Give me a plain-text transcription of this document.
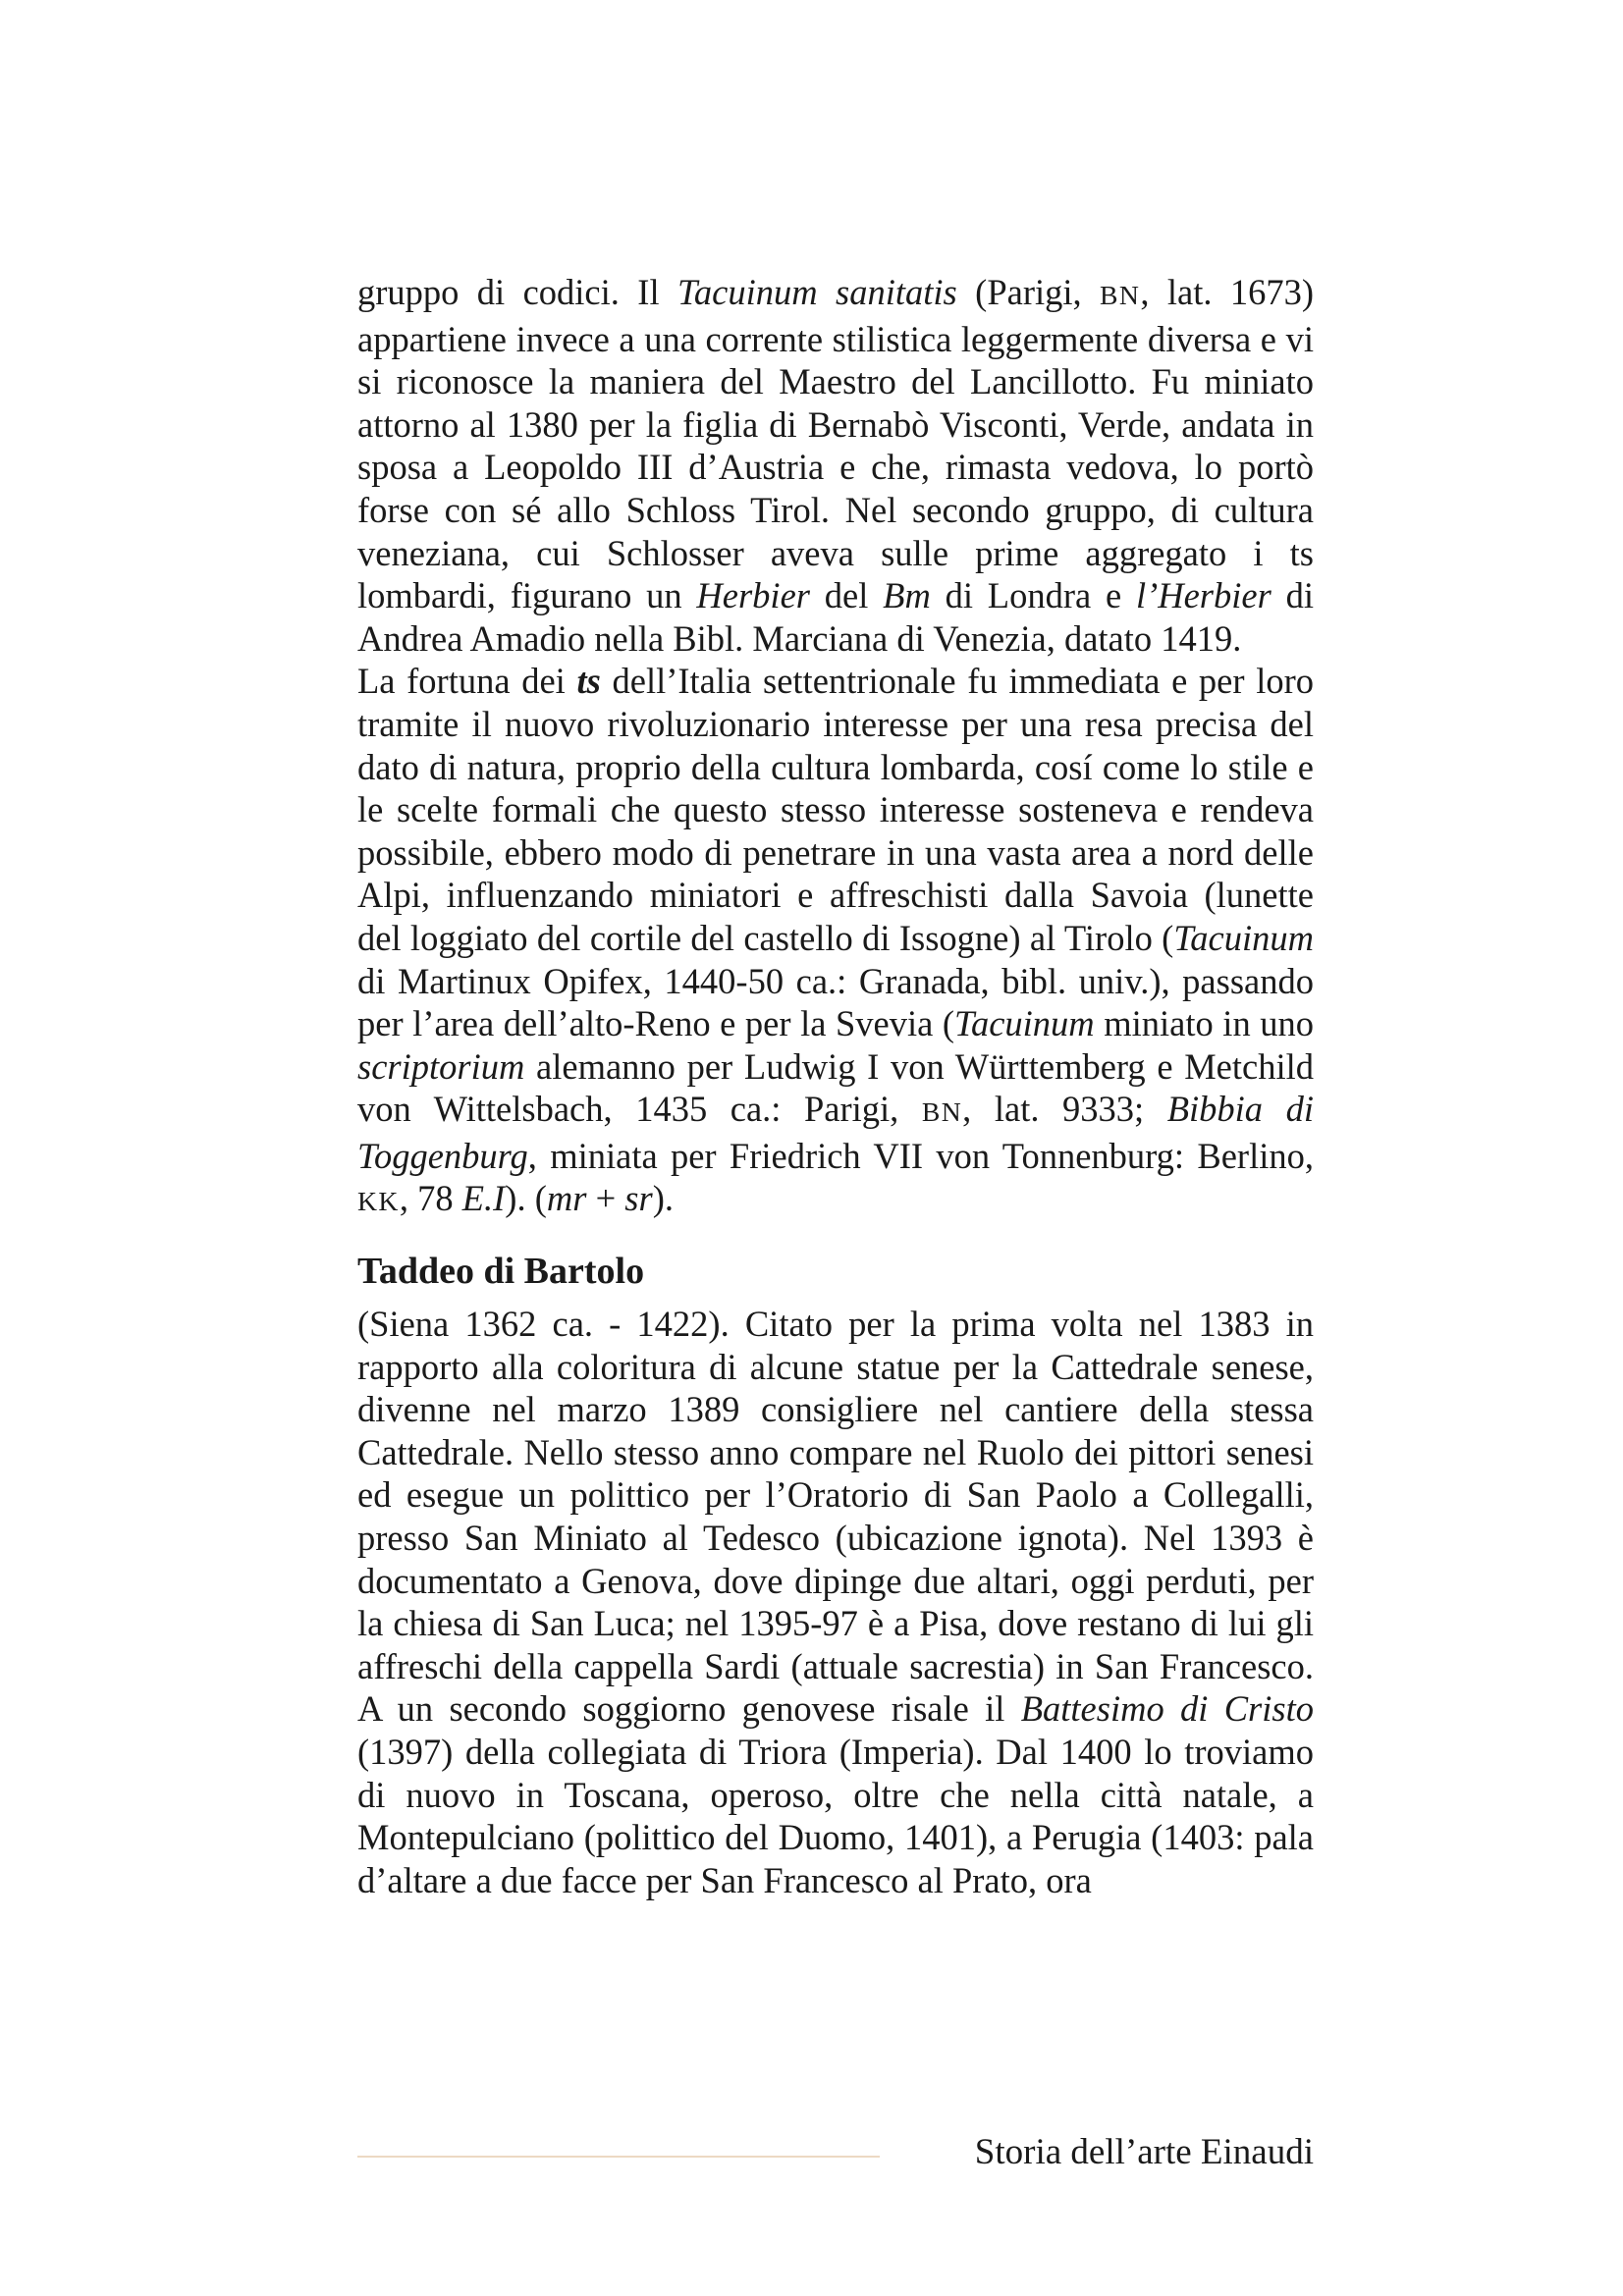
gruppo di codici. Il Tacuinum sanitatis (Parigi, BN, lat. 1673) appartiene invece a una corrente stilistica leggermente diversa e vi si riconosce la maniera del Maestro del Lancillotto. Fu miniato attorno al 1380 per la figlia di Bernabò Visconti, Verde, andata in sposa a Leopoldo III d’Austria e che, rimasta vedova, lo portò forse con sé allo Schloss Tirol. Nel secondo gruppo, di cultura veneziana, cui Schlosser aveva sulle prime aggregato i ts lombardi, figurano un Herbier del Bm di Londra e l’Herbier di Andrea Amadio nella Bibl. Marciana di Venezia, datato 1419.

La fortuna dei ts dell’Italia settentrionale fu immediata e per loro tramite il nuovo rivoluzionario interesse per una resa precisa del dato di natura, proprio della cultura lombarda, cosí come lo stile e le scelte formali che questo stesso interesse sosteneva e rendeva possibile, ebbero modo di penetrare in una vasta area a nord delle Alpi, influenzando miniatori e affreschisti dalla Savoia (lunette del loggiato del cortile del castello di Issogne) al Tirolo (Tacuinum di Martinux Opifex, 1440-50 ca.: Granada, bibl. univ.), passando per l’area dell’alto-Reno e per la Svevia (Tacuinum miniato in uno scriptorium alemanno per Ludwig I von Württemberg e Metchild von Wittelsbach, 1435 ca.: Parigi, BN, lat. 9333; Bibbia di Toggenburg, miniata per Friedrich VII von Tonnenburg: Berlino, KK, 78 E.I). (mr + sr).

Taddeo di Bartolo

(Siena 1362 ca. - 1422). Citato per la prima volta nel 1383 in rapporto alla coloritura di alcune statue per la Cattedrale senese, divenne nel marzo 1389 consigliere nel cantiere della stessa Cattedrale. Nello stesso anno compare nel Ruolo dei pittori senesi ed esegue un polittico per l’Oratorio di San Paolo a Collegalli, presso San Miniato al Tedesco (ubicazione ignota). Nel 1393 è documentato a Genova, dove dipinge due altari, oggi perduti, per la chiesa di San Luca; nel 1395-97 è a Pisa, dove restano di lui gli affreschi della cappella Sardi (attuale sacrestia) in San Francesco. A un secondo soggiorno genovese risale il Battesimo di Cristo (1397) della collegiata di Triora (Imperia). Dal 1400 lo troviamo di nuovo in Toscana, operoso, oltre che nella città natale, a Montepulciano (polittico del Duomo, 1401), a Perugia (1403: pala d’altare a due facce per San Francesco al Prato, ora

Storia dell’arte Einaudi
